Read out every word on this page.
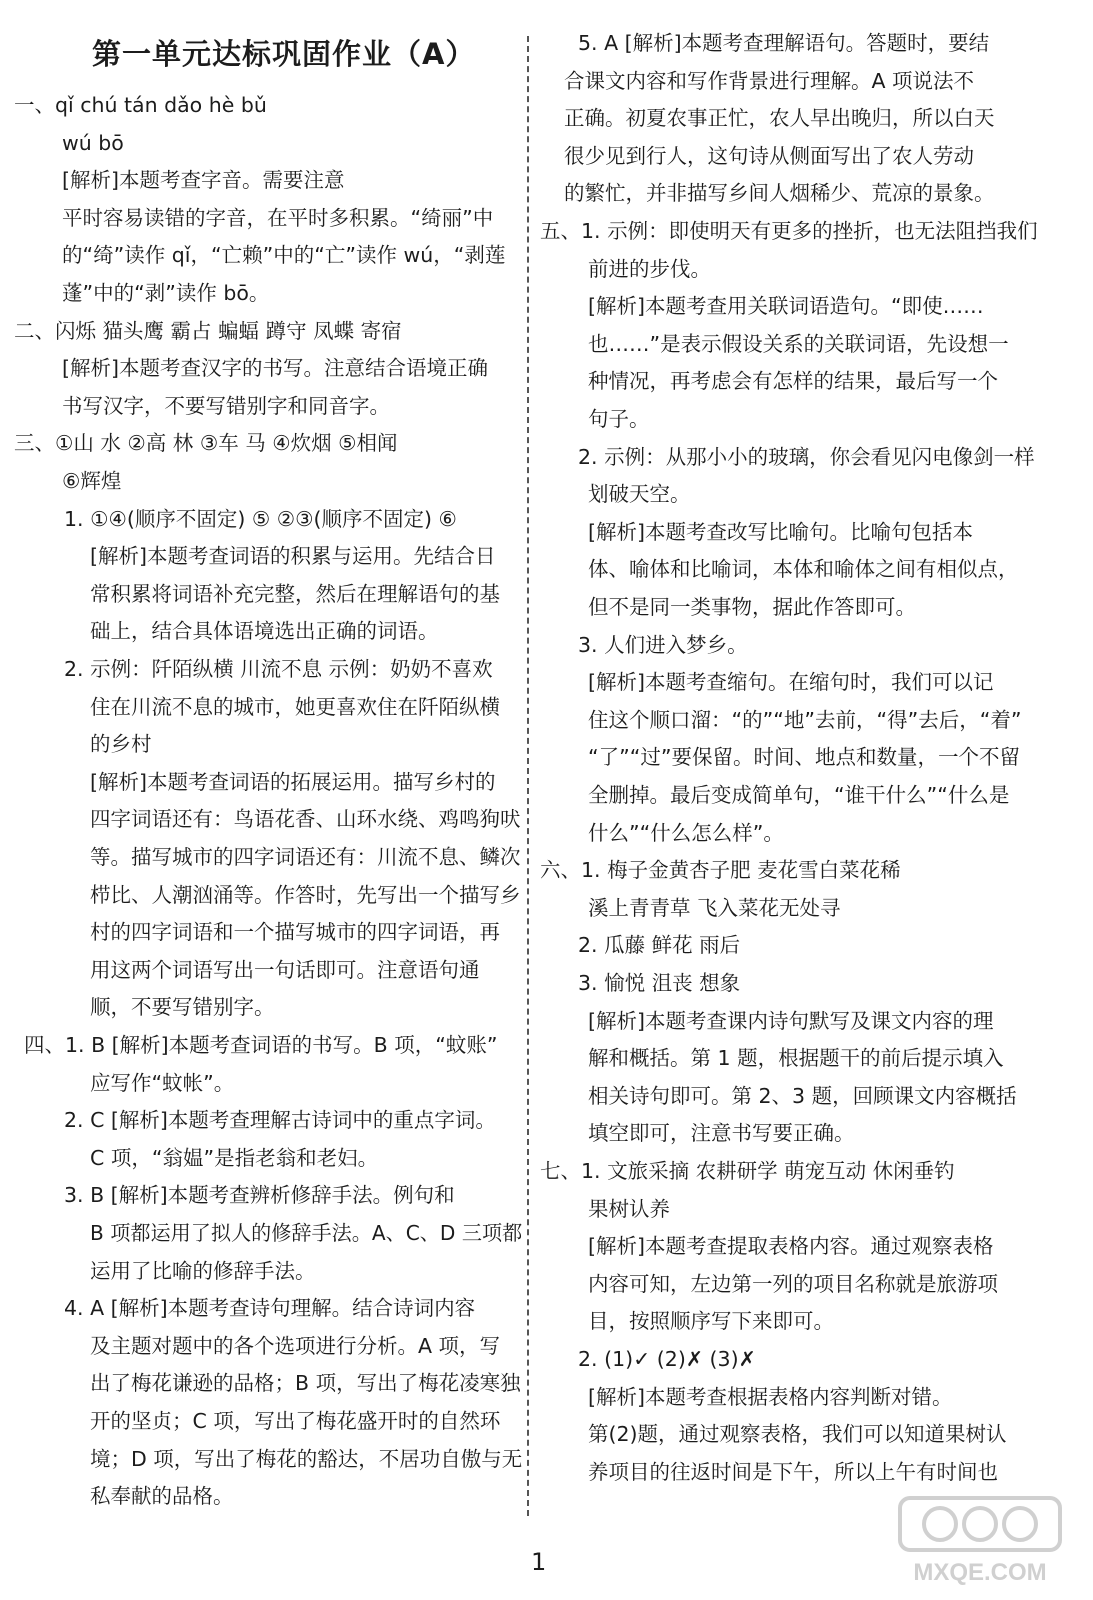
第一单元达标巩固作业（A）
一、qǐ chú tán dǎo hè bǔ
wú bō
[解析]本题考查字音。需要注意
平时容易读错的字音，在平时多积累。“绮丽”中
的“绮”读作 qǐ，“亡赖”中的“亡”读作 wú，“剥莲
蓬”中的“剥”读作 bō。
二、闪烁 猫头鹰 霸占 蝙蝠 蹲守 凤蝶 寄宿
[解析]本题考查汉字的书写。注意结合语境正确
书写汉字，不要写错别字和同音字。
三、①山 水 ②高 林 ③车 马 ④炊烟 ⑤相闻
⑥辉煌
1. ①④(顺序不固定) ⑤ ②③(顺序不固定) ⑥
[解析]本题考查词语的积累与运用。先结合日
常积累将词语补充完整，然后在理解语句的基
础上，结合具体语境选出正确的词语。
2. 示例：阡陌纵横 川流不息 示例：奶奶不喜欢
住在川流不息的城市，她更喜欢住在阡陌纵横
的乡村
[解析]本题考查词语的拓展运用。描写乡村的
四字词语还有：鸟语花香、山环水绕、鸡鸣狗吠
等。描写城市的四字词语还有：川流不息、鳞次
栉比、人潮汹涌等。作答时，先写出一个描写乡
村的四字词语和一个描写城市的四字词语，再
用这两个词语写出一句话即可。注意语句通
顺，不要写错别字。
四、1. B [解析]本题考查词语的书写。B 项，“蚊账”
应写作“蚊帐”。
2. C [解析]本题考查理解古诗词中的重点字词。
C 项，“翁媪”是指老翁和老妇。
3. B [解析]本题考查辨析修辞手法。例句和
B 项都运用了拟人的修辞手法。A、C、D 三项都
运用了比喻的修辞手法。
4. A [解析]本题考查诗句理解。结合诗词内容
及主题对题中的各个选项进行分析。A 项，写
出了梅花谦逊的品格；B 项，写出了梅花凌寒独
开的坚贞；C 项，写出了梅花盛开时的自然环
境；D 项，写出了梅花的豁达，不居功自傲与无
私奉献的品格。
5. A [解析]本题考查理解语句。答题时，要结
合课文内容和写作背景进行理解。A 项说法不
正确。初夏农事正忙，农人早出晚归，所以白天
很少见到行人，这句诗从侧面写出了农人劳动
的繁忙，并非描写乡间人烟稀少、荒凉的景象。
五、1. 示例：即使明天有更多的挫折，也无法阻挡我们
前进的步伐。
[解析]本题考查用关联词语造句。“即使……
也……”是表示假设关系的关联词语，先设想一
种情况，再考虑会有怎样的结果，最后写一个
句子。
2. 示例：从那小小的玻璃，你会看见闪电像剑一样
划破天空。
[解析]本题考查改写比喻句。比喻句包括本
体、喻体和比喻词，本体和喻体之间有相似点，
但不是同一类事物，据此作答即可。
3. 人们进入梦乡。
[解析]本题考查缩句。在缩句时，我们可以记
住这个顺口溜：“的”“地”去前，“得”去后，“着”
“了”“过”要保留。时间、地点和数量，一个不留
全删掉。最后变成简单句，“谁干什么”“什么是
什么”“什么怎么样”。
六、1. 梅子金黄杏子肥 麦花雪白菜花稀
溪上青青草 飞入菜花无处寻
2. 瓜藤 鲜花 雨后
3. 愉悦 沮丧 想象
[解析]本题考查课内诗句默写及课文内容的理
解和概括。第 1 题，根据题干的前后提示填入
相关诗句即可。第 2、3 题，回顾课文内容概括
填空即可，注意书写要正确。
七、1. 文旅采摘 农耕研学 萌宠互动 休闲垂钓
果树认养
[解析]本题考查提取表格内容。通过观察表格
内容可知，左边第一列的项目名称就是旅游项
目，按照顺序写下来即可。
2. (1)✓ (2)✗ (3)✗
[解析]本题考查根据表格内容判断对错。
第(2)题，通过观察表格，我们可以知道果树认
养项目的往返时间是下午，所以上午有时间也
1	MXQE.COM
